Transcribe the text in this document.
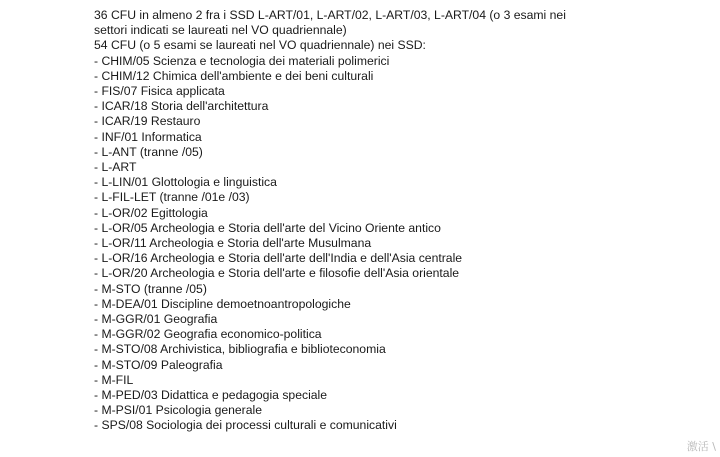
36 CFU in almeno 2 fra i SSD L-ART/01, L-ART/02, L-ART/03, L-ART/04 (o 3 esami nei
settori indicati se laureati nel VO quadriennale)
54 CFU (o 5 esami se laureati nel VO quadriennale) nei SSD:
- CHIM/05 Scienza e tecnologia dei materiali polimerici
- CHIM/12 Chimica dell'ambiente e dei beni culturali
- FIS/07 Fisica applicata
- ICAR/18 Storia dell'architettura
- ICAR/19 Restauro
- INF/01 Informatica
- L-ANT (tranne /05)
- L-ART
- L-LIN/01 Glottologia e linguistica
- L-FIL-LET (tranne /01e /03)
- L-OR/02 Egittologia
- L-OR/05 Archeologia e Storia dell'arte del Vicino Oriente antico
- L-OR/11 Archeologia e Storia dell'arte Musulmana
- L-OR/16 Archeologia e Storia dell'arte dell'India e dell'Asia centrale
- L-OR/20 Archeologia e Storia dell'arte e filosofie dell'Asia orientale
- M-STO (tranne /05)
- M-DEA/01 Discipline demoetnoantropologiche
- M-GGR/01 Geografia
- M-GGR/02 Geografia economico-politica
- M-STO/08 Archivistica, bibliografia e biblioteconomia
- M-STO/09 Paleografia
- M-FIL
- M-PED/03 Didattica e pedagogia speciale
- M-PSI/01 Psicologia generale
- SPS/08 Sociologia dei processi culturali e comunicativi
激活 \
